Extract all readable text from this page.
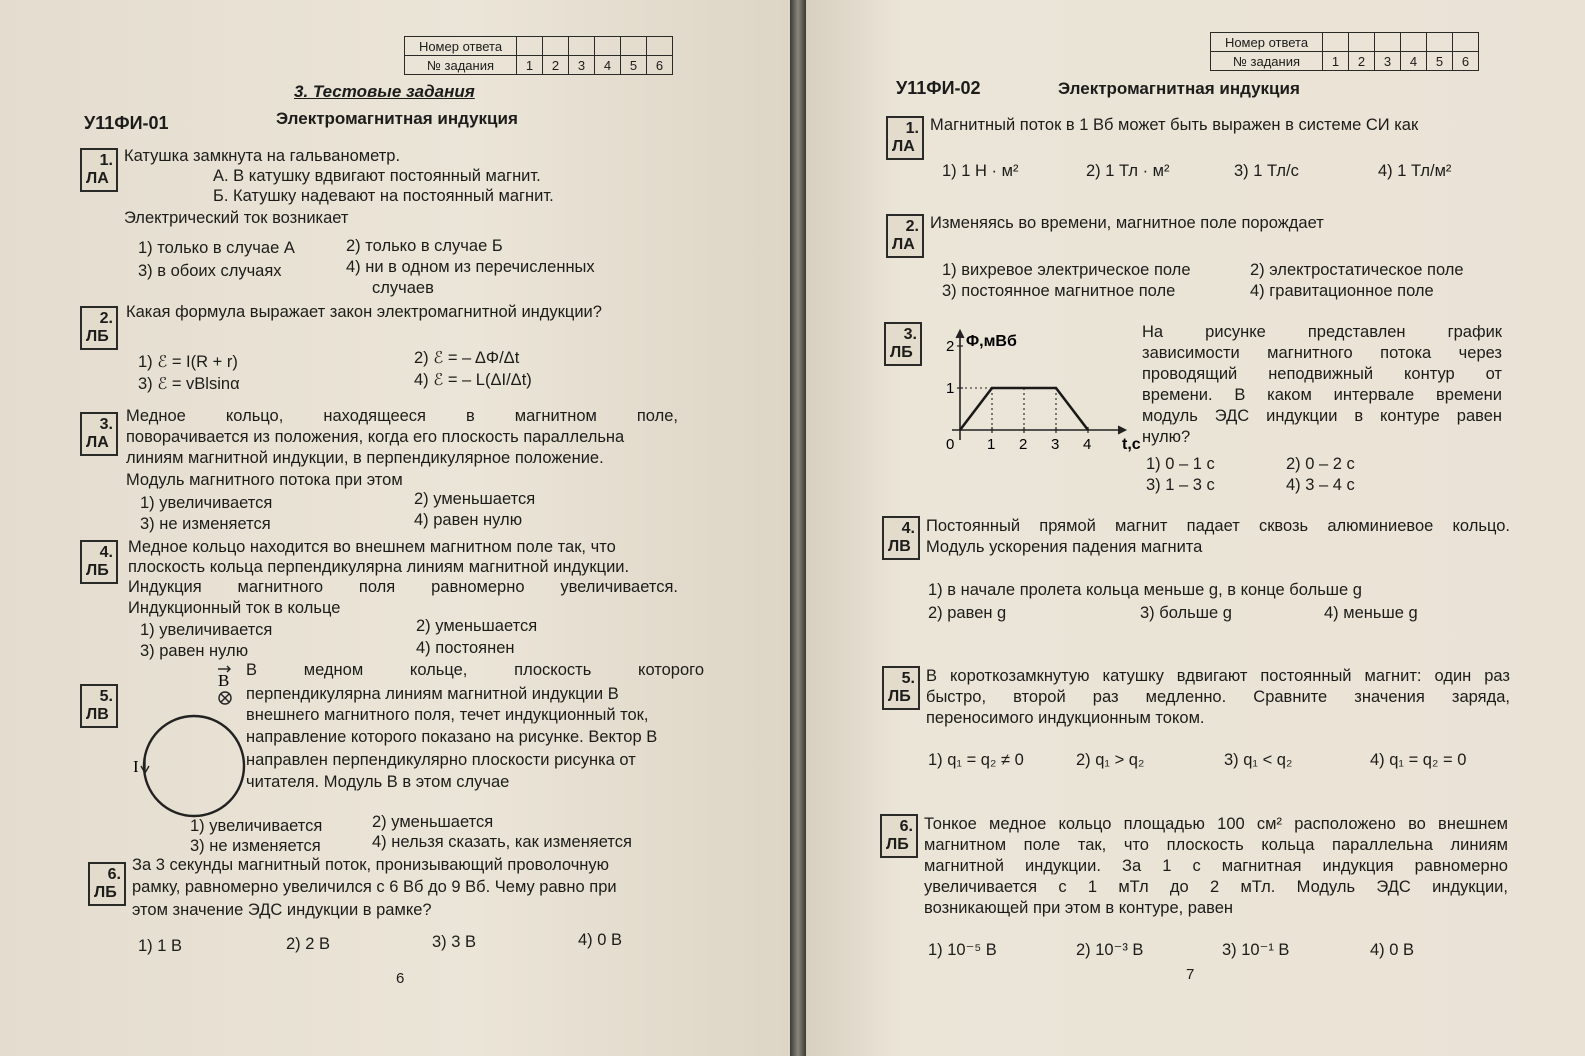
Номер ответа						
№ задания	1	2	3	4	5	6
3. Тестовые задания
У11ФИ-01	Электромагнитная индукция
1.
ЛА
Катушка замкнута на гальванометр.
А. В катушку вдвигают постоянный магнит.
Б. Катушку надевают на постоянный магнит.
Электрический ток возникает
1) только в случае А	2) только в случае Б
3) в обоих случаях	4) ни в одном из перечисленных
случаев
2.
ЛБ
Какая формула выражает закон электромагнитной индукции?
1) ℰ = I(R + r)	2) ℰ = – ΔΦ/Δt
3) ℰ = vBlsinα	4) ℰ = – L(ΔI/Δt)
3.
ЛА
Медное кольцо, находящееся в магнитном поле,
поворачивается из положения, когда его плоскость параллельна
линиям магнитной индукции, в перпендикулярное положение.
Модуль магнитного потока при этом
1) увеличивается	2) уменьшается
3) не изменяется	4) равен нулю
4.
ЛБ
Медное кольцо находится во внешнем магнитном поле так, что
плоскость кольца перпендикулярна линиям магнитной индукции.
Индукция магнитного поля равномерно увеличивается.
Индукционный ток в кольце
1) увеличивается	2) уменьшается
3) равен нулю	4) постоянен
5.
ЛВ
B
I
В медном кольце, плоскость которого
перпендикулярна линиям магнитной индукции B
внешнего магнитного поля, течет индукционный ток,
направление которого показано на рисунке. Вектор B
направлен перпендикулярно плоскости рисунка от
читателя. Модуль B в этом случае
1) увеличивается	2) уменьшается
3) не изменяется	4) нельзя сказать, как изменяется
6.
ЛБ
За 3 секунды магнитный поток, пронизывающий проволочную
рамку, равномерно увеличился с 6 Вб до 9 Вб. Чему равно при
этом значение ЭДС индукции в рамке?
1) 1 В	2) 2 В	3) 3 В	4) 0 В
6
Номер ответа						
№ задания	1	2	3	4	5	6
У11ФИ-02	Электромагнитная индукция
1.
ЛА
Магнитный поток в 1 Вб может быть выражен в системе СИ как
1) 1 Н · м²	2) 1 Тл · м²	3) 1 Тл/с	4) 1 Тл/м²
2.
ЛА
Изменяясь во времени, магнитное поле порождает
1) вихревое электрическое поле	2) электростатическое поле
3) постоянное магнитное поле	4) гравитационное поле
3.
ЛБ
Φ,мВб
t,c
0 1 2 3 4
1
2
На рисунке представлен график
зависимости магнитного потока через
проводящий неподвижный контур от
времени. В каком интервале времени
модуль ЭДС индукции в контуре равен
нулю?
1) 0 – 1 с	2) 0 – 2 с
3) 1 – 3 с	4) 3 – 4 с
4.
ЛВ
Постоянный прямой магнит падает сквозь алюминиевое кольцо.
Модуль ускорения падения магнита
1) в начале пролета кольца меньше g, в конце больше g
2) равен g	3) больше g	4) меньше g
5.
ЛБ
В короткозамкнутую катушку вдвигают постоянный магнит: один раз
быстро, второй раз медленно. Сравните значения заряда,
переносимого индукционным током.
1) q₁ = q₂ ≠ 0	2) q₁ > q₂	3) q₁ < q₂	4) q₁ = q₂ = 0
6.
ЛБ
Тонкое медное кольцо площадью 100 см² расположено во внешнем
магнитном поле так, что плоскость кольца параллельна линиям
магнитной индукции. За 1 с магнитная индукция равномерно
увеличивается с 1 мТл до 2 мТл. Модуль ЭДС индукции,
возникающей при этом в контуре, равен
1) 10⁻⁵ В	2) 10⁻³ В	3) 10⁻¹ В	4) 0 В
7
